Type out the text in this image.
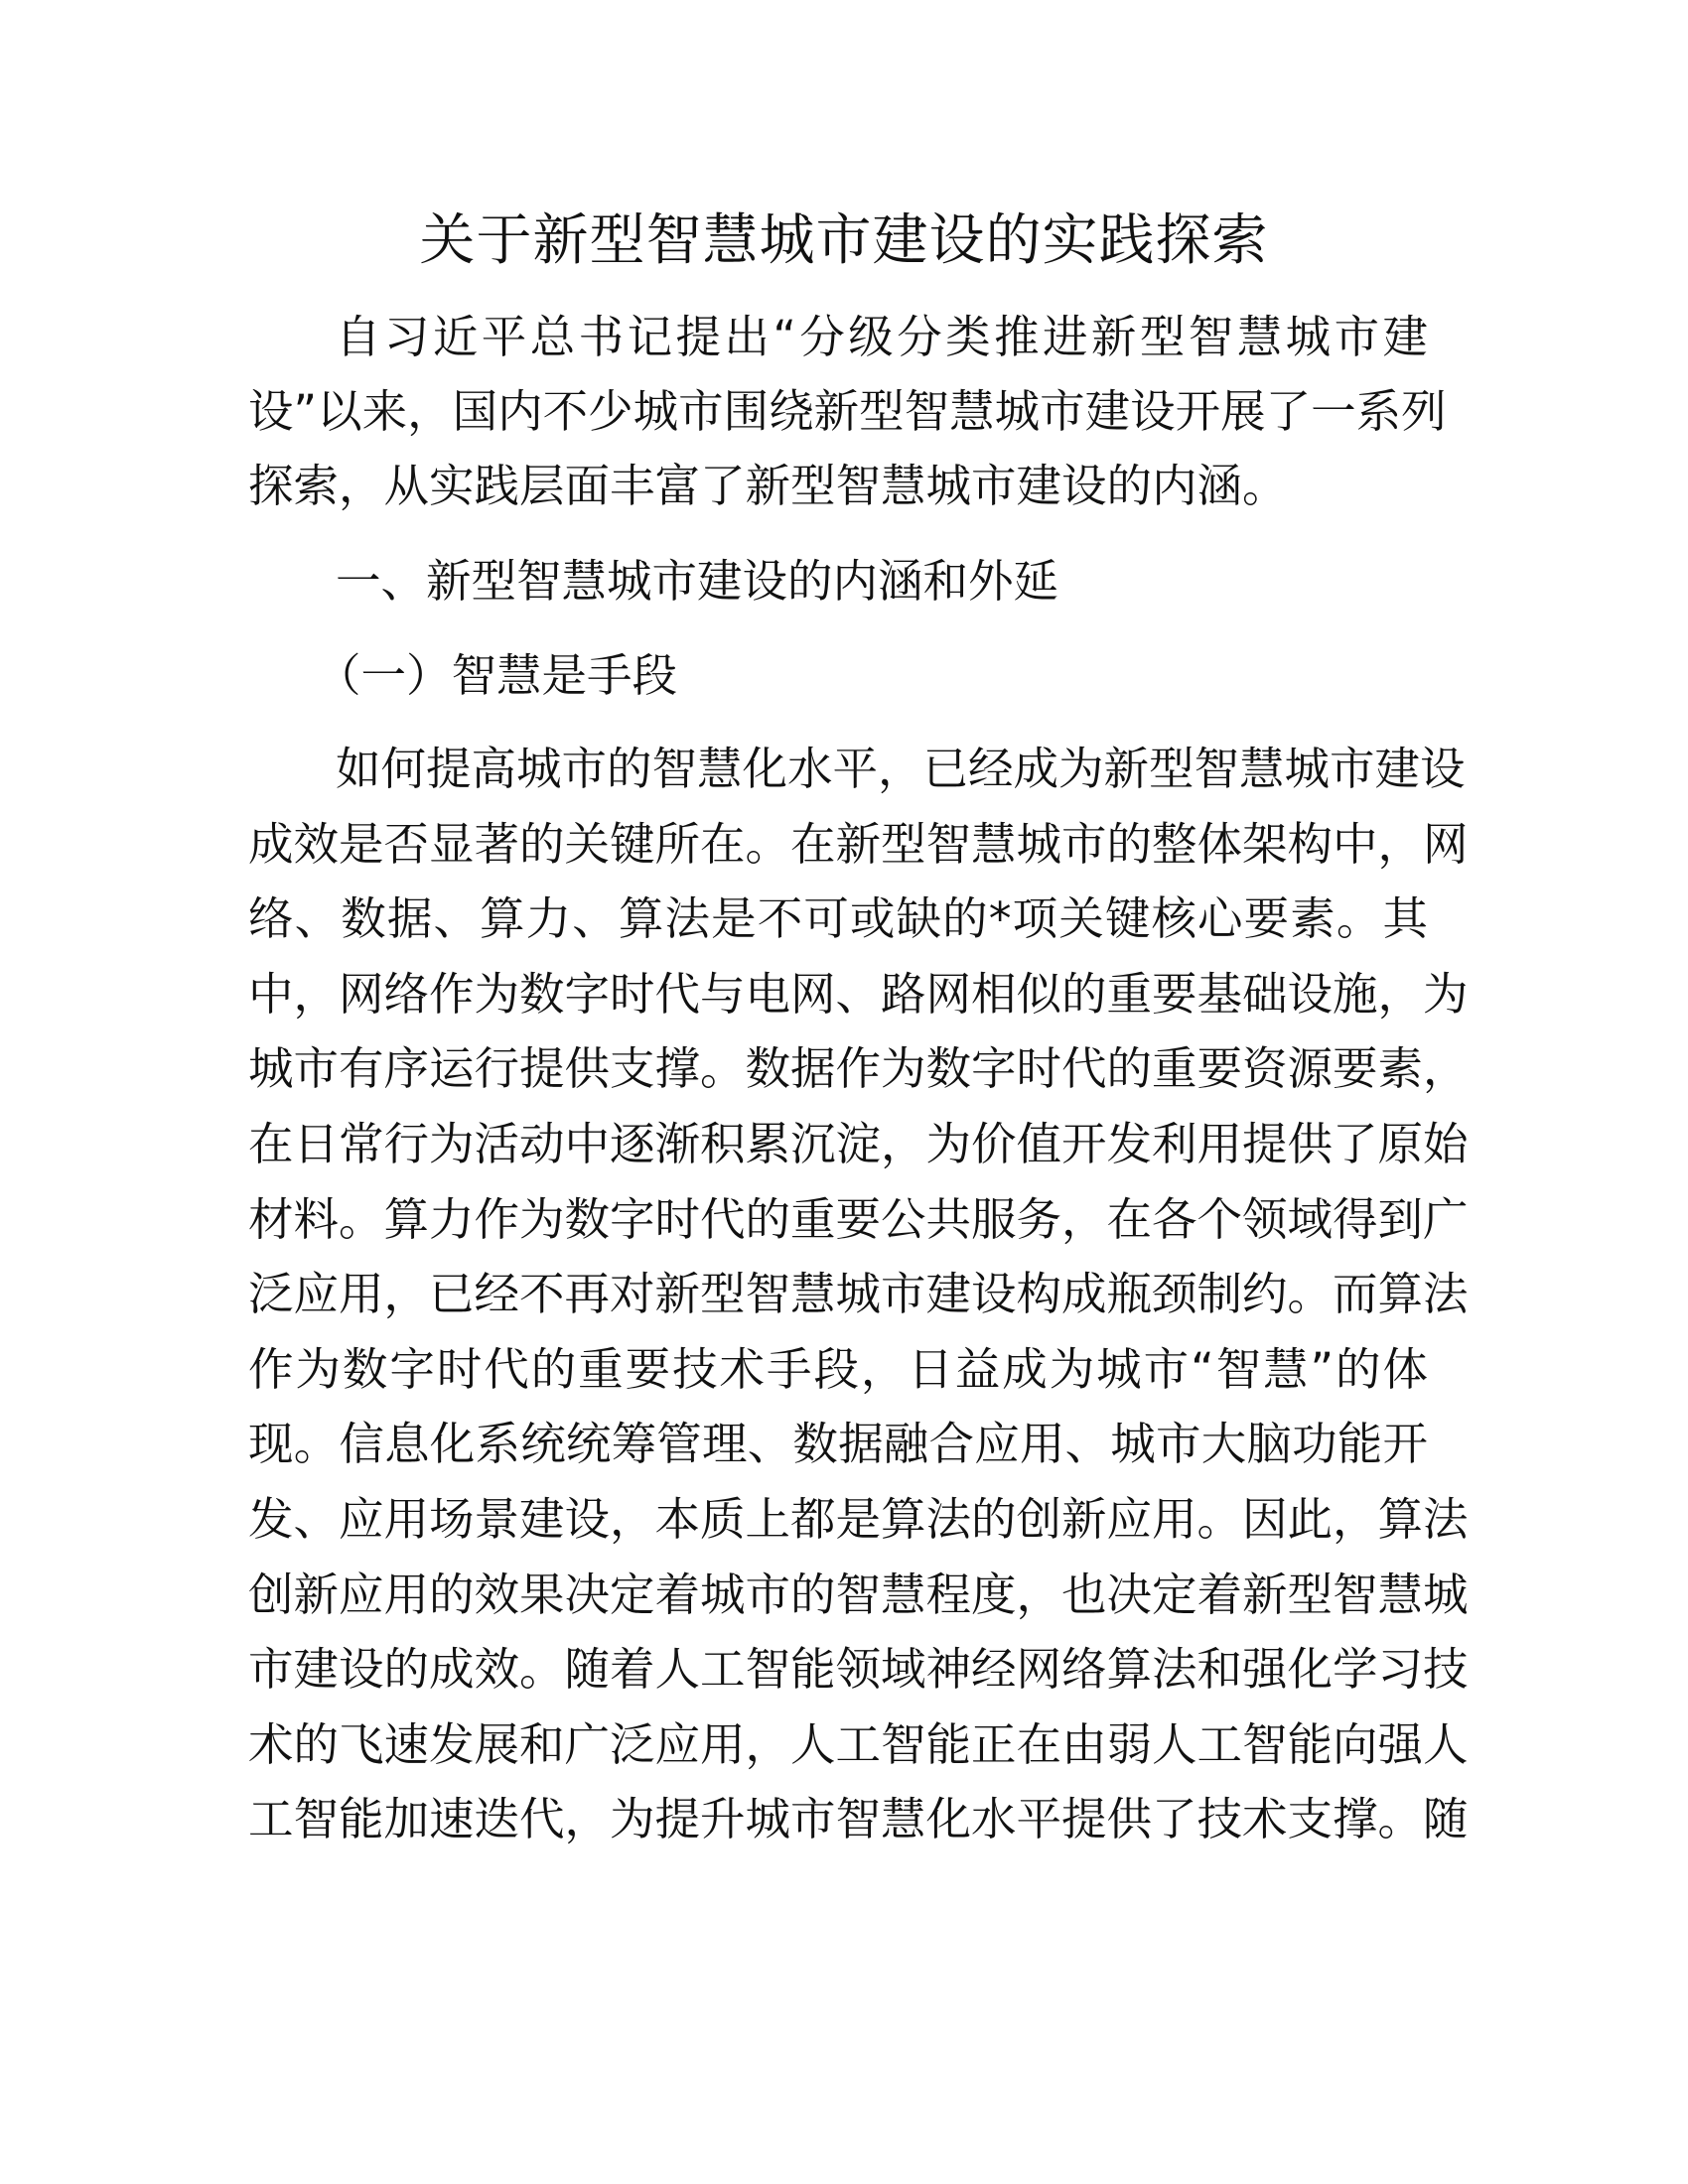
关于新型智慧城市建设的实践探索
自习近平总书记提出“分级分类推进新型智慧城市建
设”以来，国内不少城市围绕新型智慧城市建设开展了一系列
探索，从实践层面丰富了新型智慧城市建设的内涵。
一、新型智慧城市建设的内涵和外延
（一）智慧是手段
如何提高城市的智慧化水平，已经成为新型智慧城市建设
成效是否显著的关键所在。在新型智慧城市的整体架构中，网
络、数据、算力、算法是不可或缺的*项关键核心要素。其
中，网络作为数字时代与电网、路网相似的重要基础设施，为
城市有序运行提供支撑。数据作为数字时代的重要资源要素，
在日常行为活动中逐渐积累沉淀，为价值开发利用提供了原始
材料。算力作为数字时代的重要公共服务，在各个领域得到广
泛应用，已经不再对新型智慧城市建设构成瓶颈制约。而算法
作为数字时代的重要技术手段，日益成为城市“智慧”的体
现。信息化系统统筹管理、数据融合应用、城市大脑功能开
发、应用场景建设，本质上都是算法的创新应用。因此，算法
创新应用的效果决定着城市的智慧程度，也决定着新型智慧城
市建设的成效。随着人工智能领域神经网络算法和强化学习技
术的飞速发展和广泛应用，人工智能正在由弱人工智能向强人
工智能加速迭代，为提升城市智慧化水平提供了技术支撑。随
